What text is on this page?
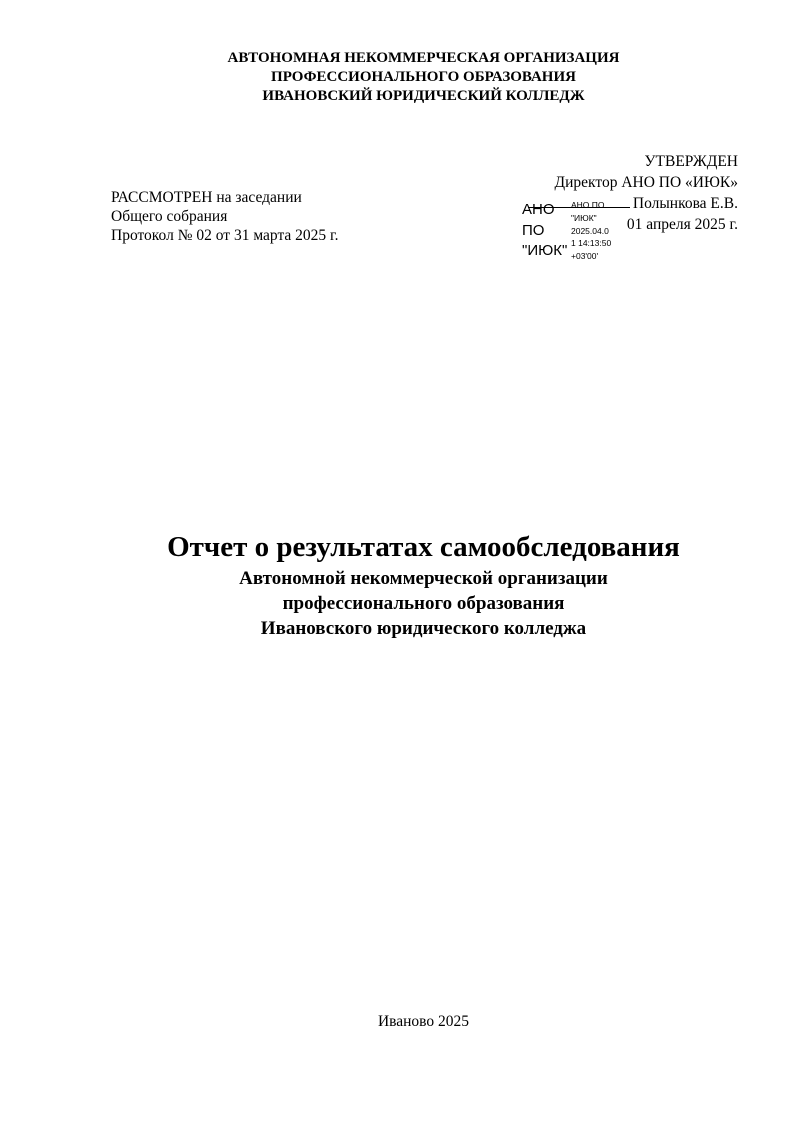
АВТОНОМНАЯ НЕКОММЕРЧЕСКАЯ ОРГАНИЗАЦИЯ
ПРОФЕССИОНАЛЬНОГО ОБРАЗОВАНИЯ
ИВАНОВСКИЙ ЮРИДИЧЕСКИЙ КОЛЛЕДЖ
РАССМОТРЕН на заседании
Общего собрания
Протокол № 02 от 31 марта 2025 г.
УТВЕРЖДЕН
Директор АНО ПО «ИЮК»
Полынкова Е.В.
01 апреля 2025 г.
АНО
ПО
"ИЮК"
АНО ПО
"ИЮК"
2025.04.0
1 14:13:50
+03'00'
Отчет о результатах самообследования
Автономной некоммерческой организации
профессионального образования
Ивановского юридического колледжа
Иваново 2025
